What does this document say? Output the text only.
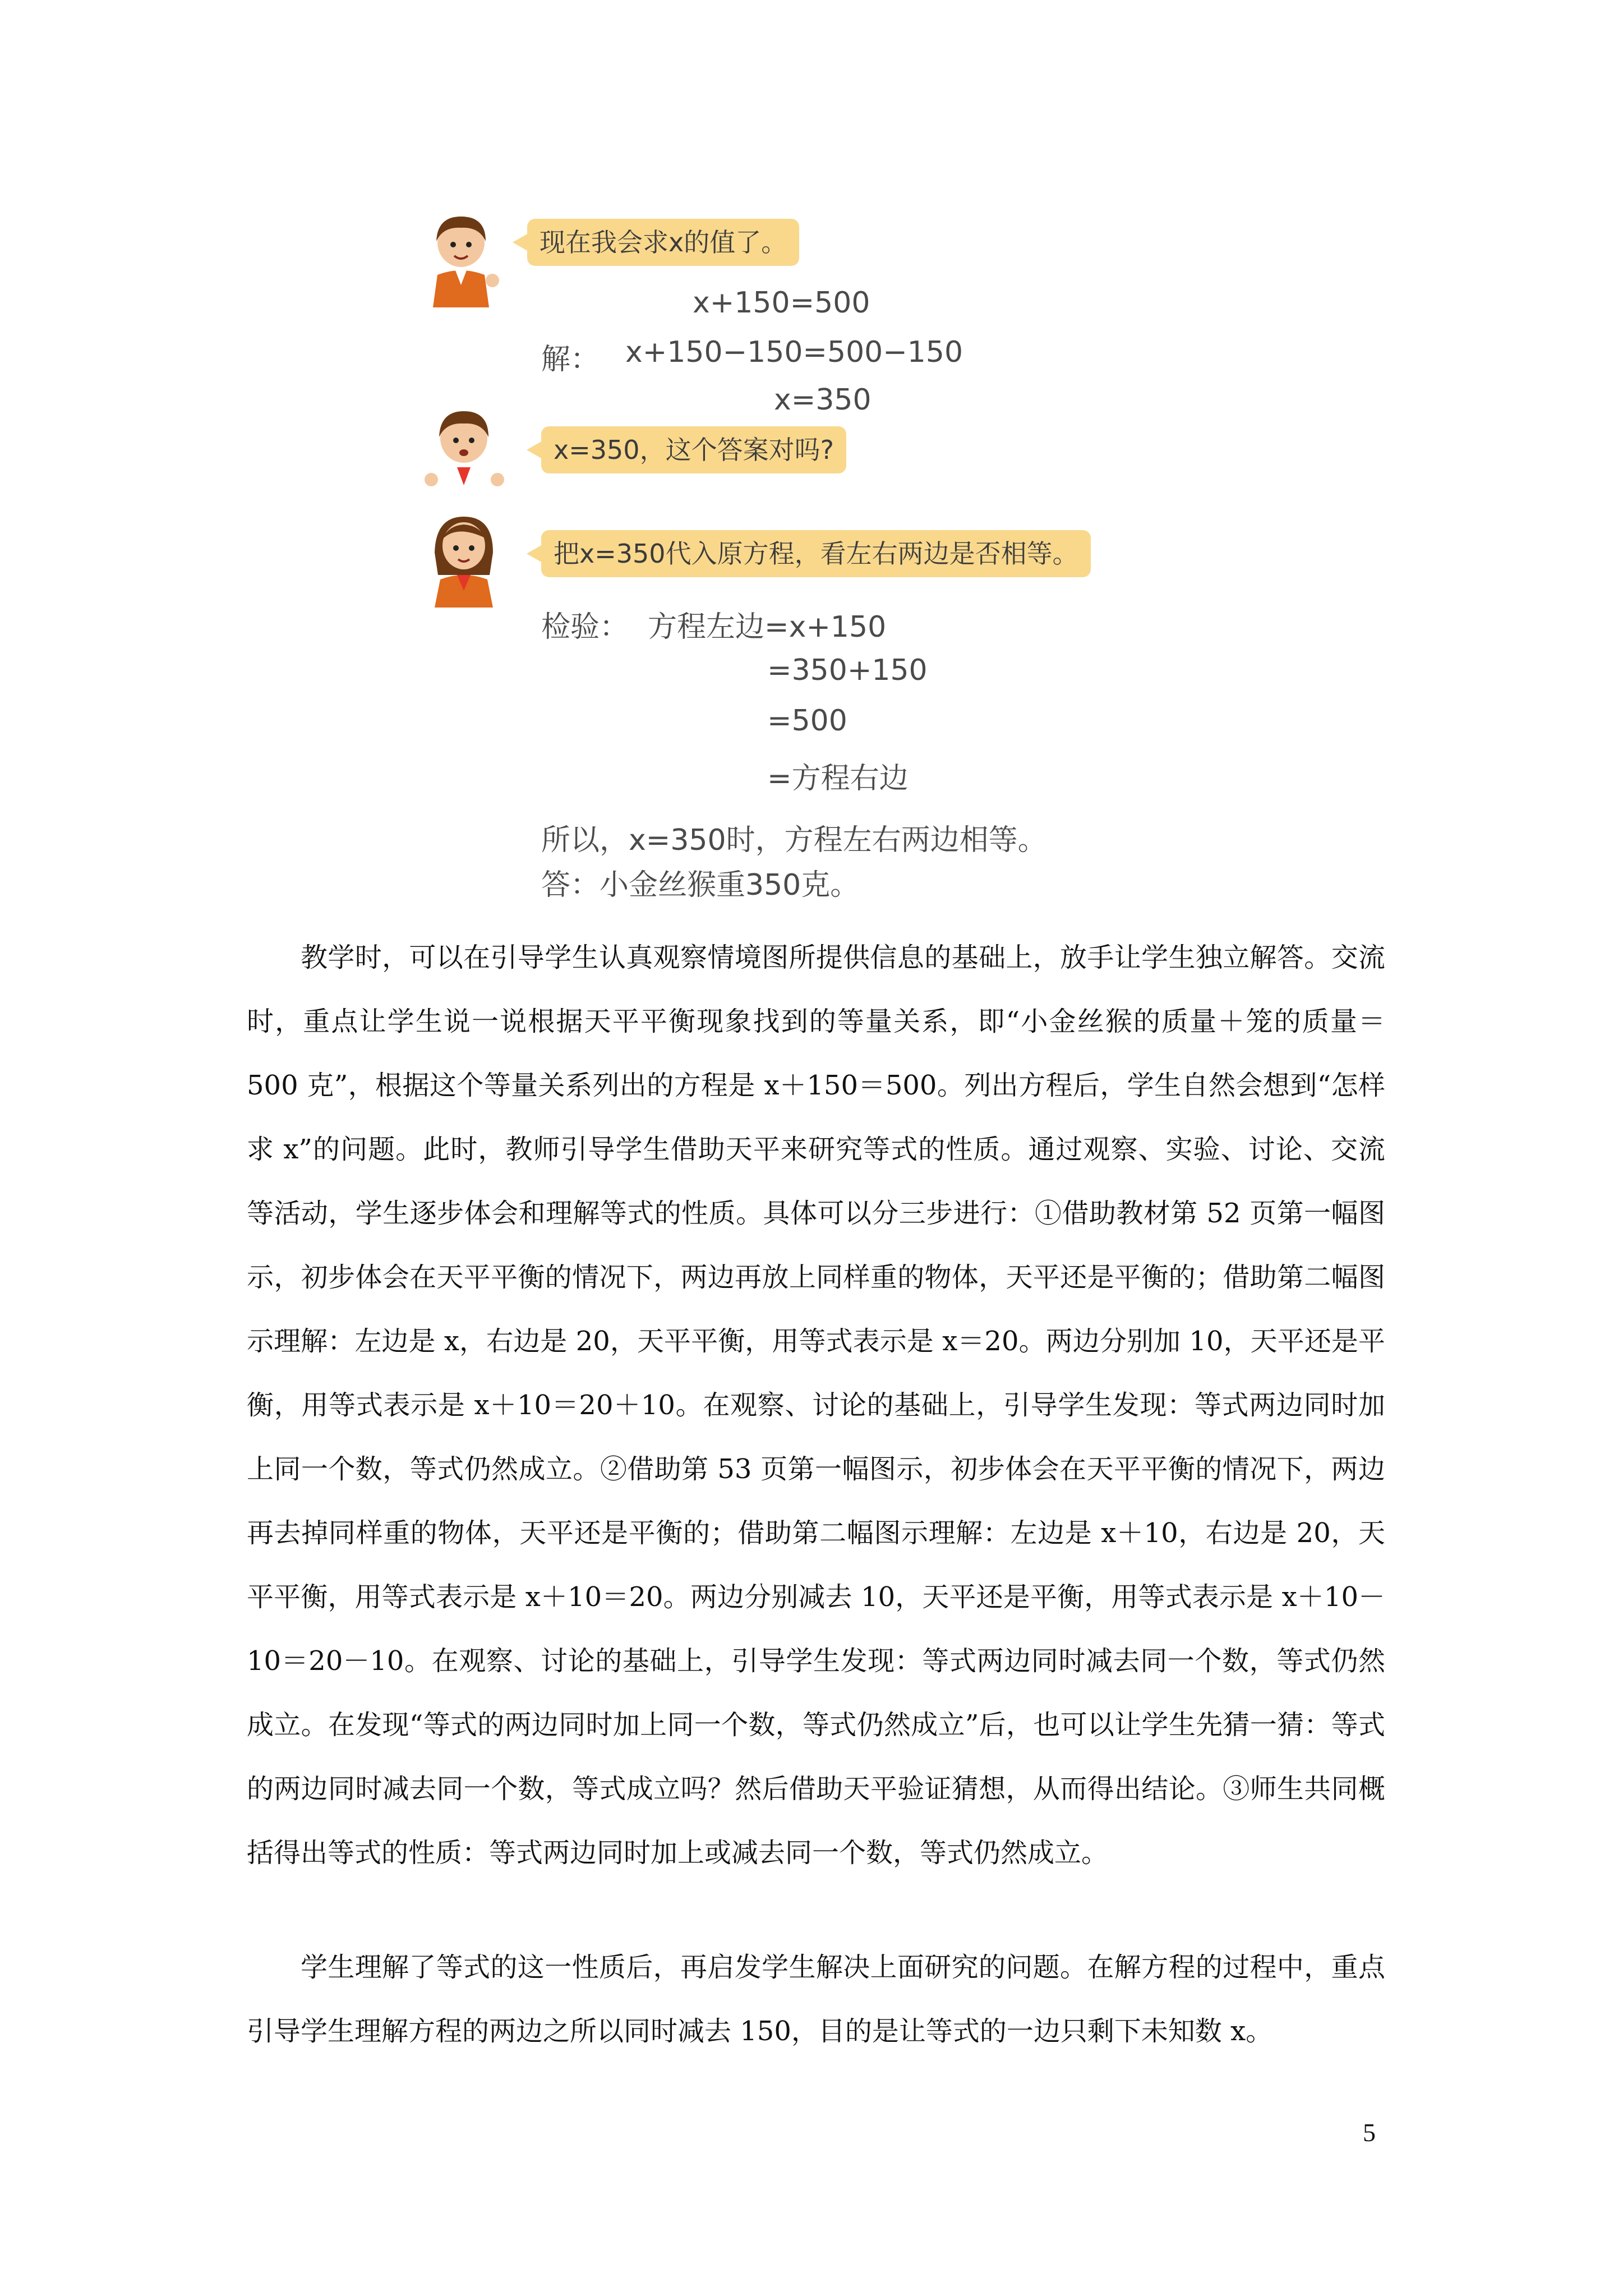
现在我会求x的值了。
x+150=500
解： x+150−150=500−150
x=350
x=350，这个答案对吗?
把x=350代入原方程，看左右两边是否相等。
检验： 方程左边=x+150
=350+150
=500
=方程右边
所以，x=350时，方程左右两边相等。
答：小金丝猴重350克。

教学时，可以在引导学生认真观察情境图所提供信息的基础上，放手让学生独立解答。交流时，重点让学生说一说根据天平平衡现象找到的等量关系，即“小金丝猴的质量＋笼的质量＝500 克”，根据这个等量关系列出的方程是 x＋150＝500。列出方程后，学生自然会想到“怎样求 x”的问题。此时，教师引导学生借助天平来研究等式的性质。通过观察、实验、讨论、交流等活动，学生逐步体会和理解等式的性质。具体可以分三步进行：①借助教材第 52 页第一幅图示，初步体会在天平平衡的情况下，两边再放上同样重的物体，天平还是平衡的；借助第二幅图示理解：左边是 x，右边是 20，天平平衡，用等式表示是 x＝20。两边分别加 10，天平还是平衡，用等式表示是 x＋10＝20＋10。在观察、讨论的基础上，引导学生发现：等式两边同时加上同一个数，等式仍然成立。②借助第 53 页第一幅图示，初步体会在天平平衡的情况下，两边再去掉同样重的物体，天平还是平衡的；借助第二幅图示理解：左边是 x＋10，右边是 20，天平平衡，用等式表示是 x＋10＝20。两边分别减去 10，天平还是平衡，用等式表示是 x＋10－10＝20－10。在观察、讨论的基础上，引导学生发现：等式两边同时减去同一个数，等式仍然成立。在发现“等式的两边同时加上同一个数，等式仍然成立”后，也可以让学生先猜一猜：等式的两边同时减去同一个数，等式成立吗？然后借助天平验证猜想，从而得出结论。③师生共同概括得出等式的性质：等式两边同时加上或减去同一个数，等式仍然成立。

学生理解了等式的这一性质后，再启发学生解决上面研究的问题。在解方程的过程中，重点引导学生理解方程的两边之所以同时减去 150，目的是让等式的一边只剩下未知数 x。

5
